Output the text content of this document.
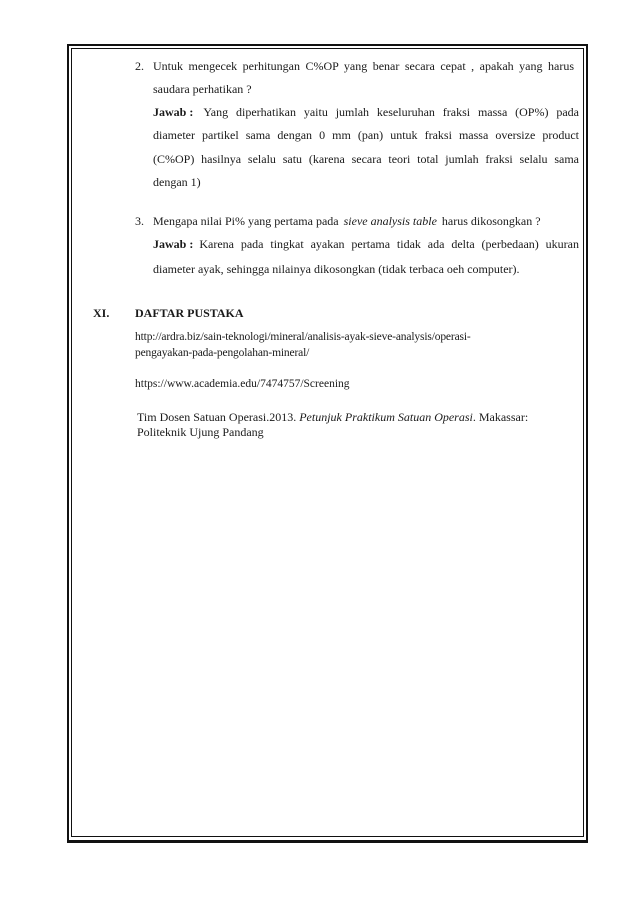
2. Untuk mengecek perhitungan C%OP yang benar secara cepat , apakah yang harus
saudara perhatikan ?
Jawab : Yang diperhatikan yaitu jumlah keseluruhan fraksi massa (OP%) pada
diameter partikel sama dengan 0 mm (pan) untuk fraksi massa oversize product
(C%OP) hasilnya selalu satu (karena secara teori total jumlah fraksi selalu sama
dengan 1)
3. Mengapa nilai Pi% yang pertama pada sieve analysis table harus dikosongkan ?
Jawab : Karena pada tingkat ayakan pertama tidak ada delta (perbedaan) ukuran
diameter ayak, sehingga nilainya dikosongkan (tidak terbaca oeh computer).
XI. DAFTAR PUSTAKA
http://ardra.biz/sain-teknologi/mineral/analisis-ayak-sieve-analysis/operasi-
pengayakan-pada-pengolahan-mineral/
https://www.academia.edu/7474757/Screening
Tim Dosen Satuan Operasi.2013. Petunjuk Praktikum Satuan Operasi. Makassar:
Politeknik Ujung Pandang
